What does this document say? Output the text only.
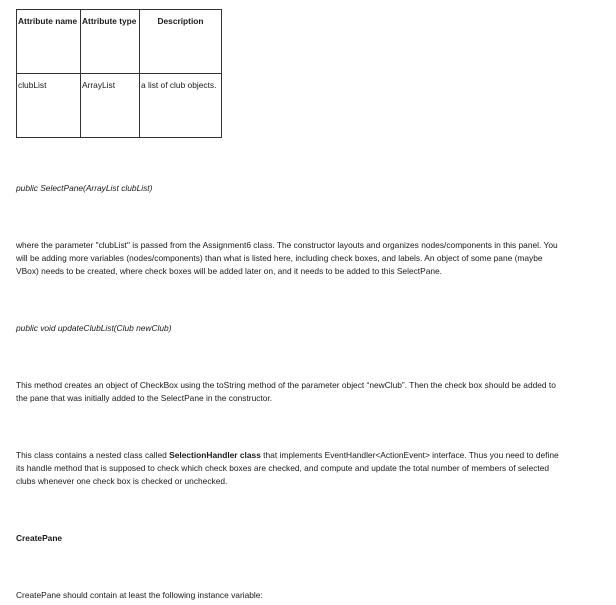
Attribute name	Attribute type	Description
clubList	ArrayList	a list of club objects.

public SelectPane(ArrayList clubList)

where the parameter "clubList" is passed from the Assignment6 class. The constructor layouts and organizes nodes/components in this panel. You will be adding more variables (nodes/components) than what is listed here, including check boxes, and labels. An object of some pane (maybe VBox) needs to be created, where check boxes will be added later on, and it needs to be added to this SelectPane.

public void updateClubList(Club newClub)

This method creates an object of CheckBox using the toString method of the parameter object “newClub”. Then the check box should be added to the pane that was initially added to the SelectPane in the constructor.

This class contains a nested class called SelectionHandler class that implements EventHandler<ActionEvent> interface. Thus you need to define its handle method that is supposed to check which check boxes are checked, and compute and update the total number of members of selected clubs whenever one check box is checked or unchecked.

CreatePane

CreatePane should contain at least the following instance variable:
